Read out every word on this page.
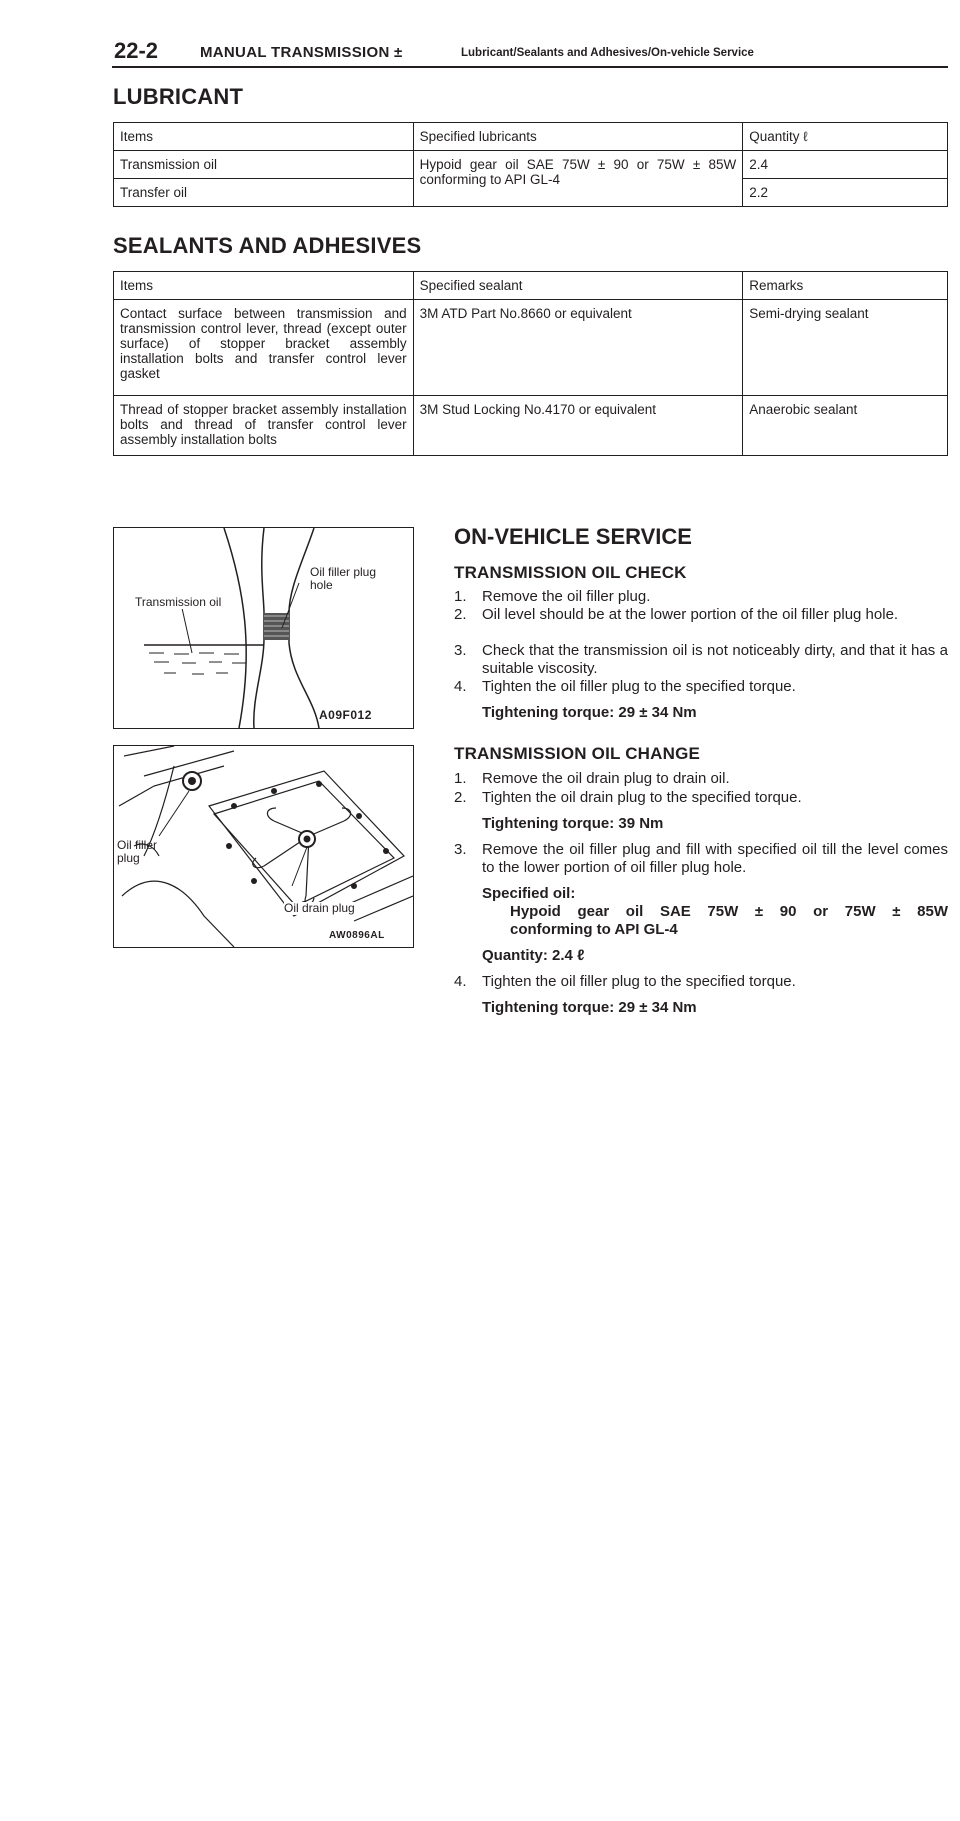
22-2	MANUAL TRANSMISSION ±	Lubricant/Sealants and Adhesives/On-vehicle Service
LUBRICANT
Items	Specified lubricants	Quantity ℓ
Transmission oil	Hypoid gear oil SAE 75W ± 90 or 75W ± 85W conforming to API GL-4	2.4
Transfer oil		2.2
SEALANTS AND ADHESIVES
Items	Specified sealant	Remarks
Contact surface between transmission and transmission control lever, thread (except outer surface) of stopper bracket assembly installation bolts and transfer control lever gasket	3M ATD Part No.8660 or equivalent	Semi-drying sealant
Thread of stopper bracket assembly installation bolts and thread of transfer control lever assembly installation bolts	3M Stud Locking No.4170 or equivalent	Anaerobic sealant
Transmission oil
Oil filler plug hole
A09F012
Oil filler plug
Oil drain plug
AW0896AL
ON-VEHICLE SERVICE
TRANSMISSION OIL CHECK
1. Remove the oil filler plug.
2. Oil level should be at the lower portion of the oil filler plug hole.
3. Check that the transmission oil is not noticeably dirty, and that it has a suitable viscosity.
4. Tighten the oil filler plug to the specified torque.
Tightening torque: 29 ± 34 Nm
TRANSMISSION OIL CHANGE
1. Remove the oil drain plug to drain oil.
2. Tighten the oil drain plug to the specified torque.
Tightening torque: 39 Nm
3. Remove the oil filler plug and fill with specified oil till the level comes to the lower portion of oil filler plug hole.
Specified oil:
Hypoid gear oil SAE 75W ± 90 or 75W ± 85W
conforming to API GL-4
Quantity: 2.4 ℓ
4. Tighten the oil filler plug to the specified torque.
Tightening torque: 29 ± 34 Nm
